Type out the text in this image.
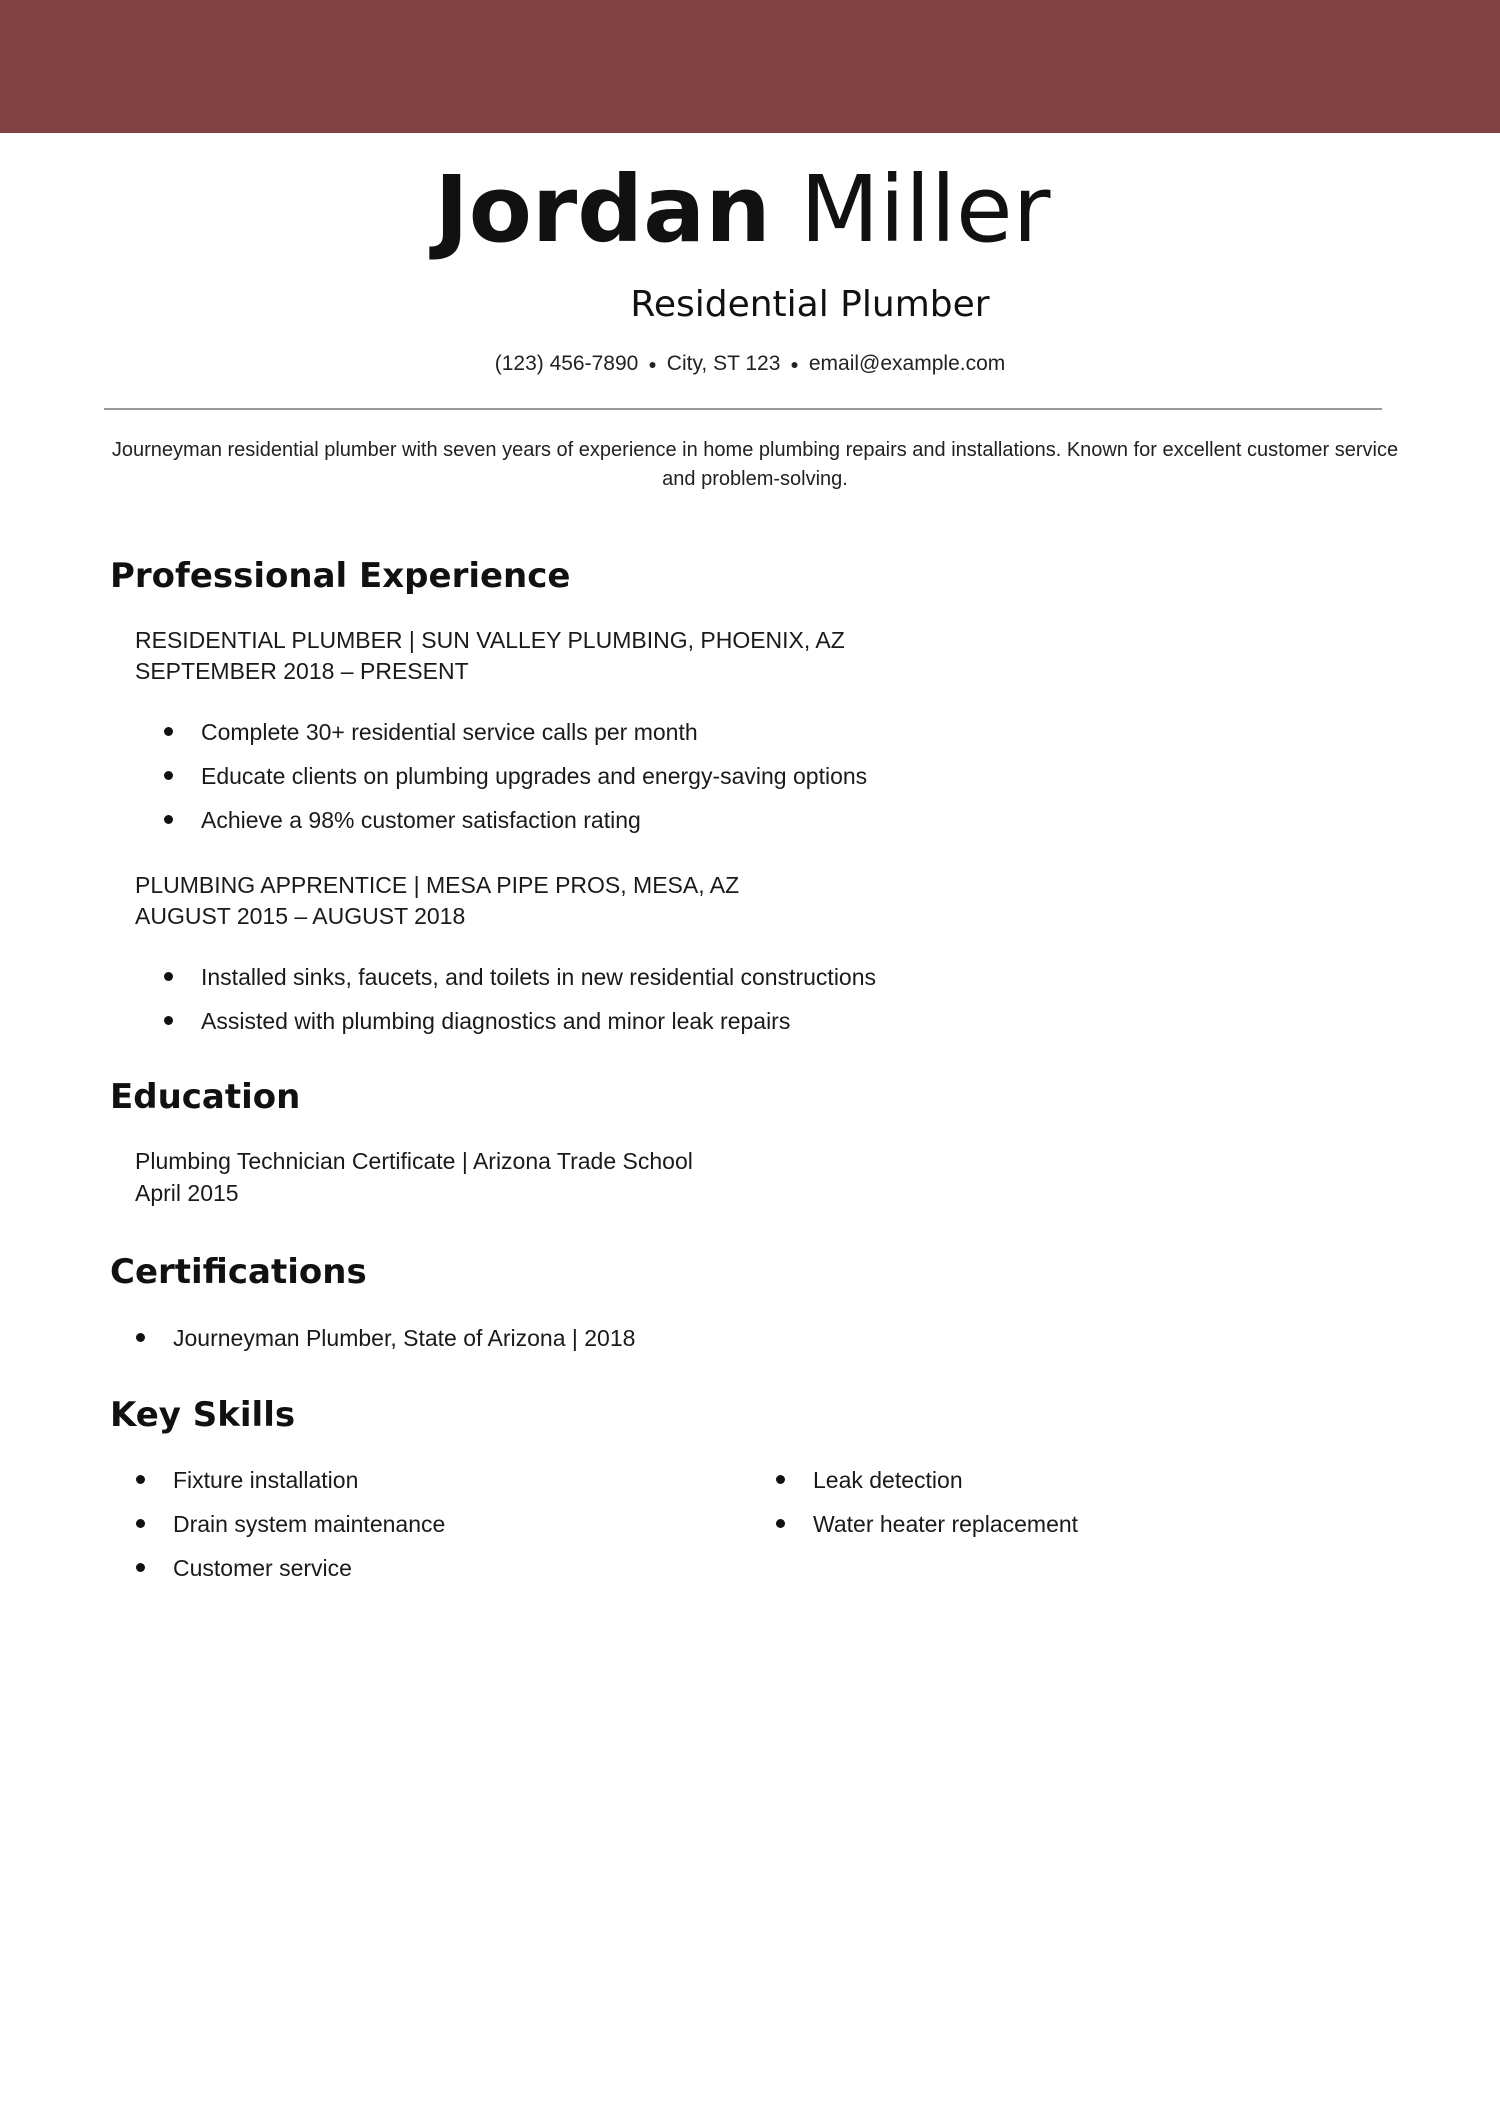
Jordan Miller
Residential Plumber
(123) 456-7890 ● City, ST 123 ● email@example.com
Journeyman residential plumber with seven years of experience in home plumbing repairs and installations. Known for excellent customer service and problem-solving.
Professional Experience
RESIDENTIAL PLUMBER | SUN VALLEY PLUMBING, PHOENIX, AZ
SEPTEMBER 2018 – PRESENT
Complete 30+ residential service calls per month
Educate clients on plumbing upgrades and energy-saving options
Achieve a 98% customer satisfaction rating
PLUMBING APPRENTICE | MESA PIPE PROS, MESA, AZ
AUGUST 2015 – AUGUST 2018
Installed sinks, faucets, and toilets in new residential constructions
Assisted with plumbing diagnostics and minor leak repairs
Education
Plumbing Technician Certificate | Arizona Trade School
April 2015
Certifications
Journeyman Plumber, State of Arizona | 2018
Key Skills
Fixture installation
Drain system maintenance
Customer service
Leak detection
Water heater replacement
